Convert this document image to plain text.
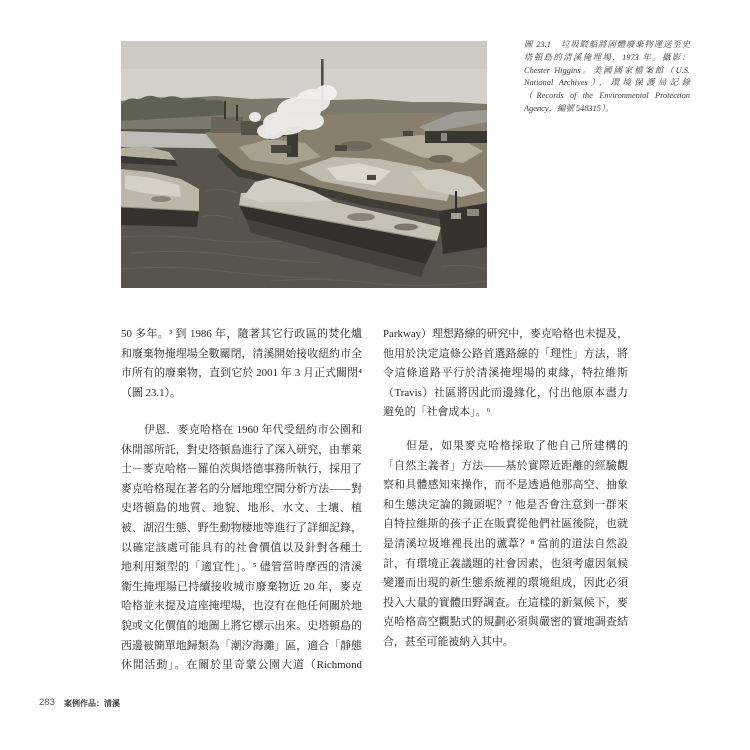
圖 23.1　垃圾駁船將固體廢棄物運送至史
塔頓島的清溪掩埋場，1973 年。攝影：
Chester Higgins。美國國家檔案館（U.S.
National Archives），環境保護局記錄
（Records of the Environmental Protection
Agency，編號 548315）。
50 多年。³ 到 1986 年，隨著其它行政區的焚化爐
和廢棄物掩埋場全數關閉，清溪開始接收紐約市全
市所有的廢棄物，直到它於 2001 年 3 月正式關閉⁴
（圖 23.1）。
伊恩．麥克哈格在 1960 年代受紐約市公園和
休閒部所託，對史塔頓島進行了深入研究，由華萊
士－麥克哈格－羅伯茨與塔德事務所執行，採用了
麥克哈格現在著名的分層地理空間分析方法——對
史塔頓島的地質、地貌、地形、水文、土壤、植
被、湖沼生態、野生動物棲地等進行了詳細記錄，
以確定該處可能具有的社會價值以及針對各種土
地利用類型的「適宜性」。⁵ 儘管當時摩西的清溪
衛生掩埋場已持續接收城市廢棄物近 20 年，麥克
哈格並未提及這座掩埋場，也沒有在他任何關於地
貌或文化價值的地圖上將它標示出來。史塔頓島的
西邊被簡單地歸類為「潮汐海灘」區，適合「靜態
休閒活動」。在關於里奇蒙公園大道（Richmond
Parkway）理想路線的研究中，麥克哈格也未提及，
他用於決定這條公路首選路線的「理性」方法，將
令這條道路平行於清溪掩埋場的東緣，特拉維斯
（Travis）社區將因此而邊緣化，付出他原本盡力
避免的「社會成本」。⁶
但是，如果麥克哈格採取了他自己所建構的
「自然主義者」方法——基於實際近距離的經驗觀
察和具體感知來操作，而不是透過他那高空、抽象
和生態決定論的鏡頭呢？⁷ 他是否會注意到一群來
自特拉維斯的孩子正在販賣從他們社區後院，也就
是清溪垃圾堆裡長出的蘆葦？⁸ 當前的道法自然設
計，有環境正義議題的社會因素，也須考慮因氣候
變遷而出現的新生態系統裡的環境組成，因此必須
投入大量的實體田野調查。在這樣的新氣候下，麥
克哈格高空觀點式的規劃必須與嚴密的實地調查結
合，甚至可能被納入其中。
283 案例作品：清溪
